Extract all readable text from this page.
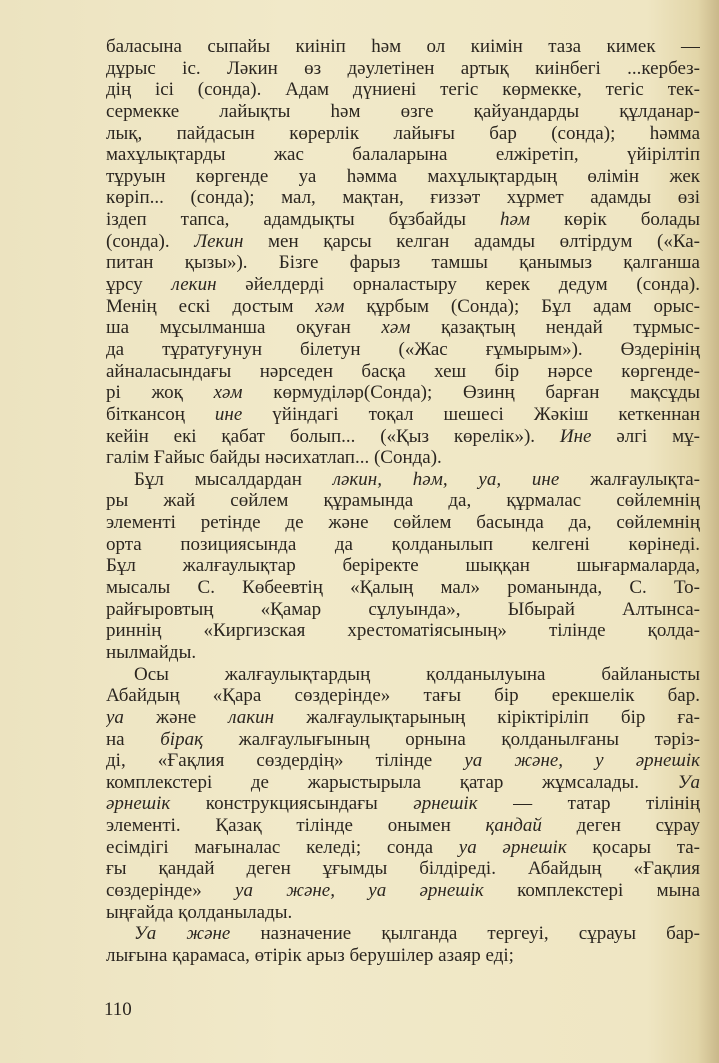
баласына сыпайы киініп һәм ол киімін таза кимек —
дұрыс іс. Ләкин өз дәулетінен артық киінбегі ...кербез-
дің ісі (сонда). Адам дүниені тегіс көрмекке, тегіс тек-
сермекке лайықты һәм өзге қайуандарды құлданар-
лық, пайдасын көрерлік лайығы бар (сонда); һәмма
махұлықтарды жас балаларына елжіретіп, үйірілтіп
тұруын көргенде уа һәмма махұлықтардың өлімін жек
көріп... (сонда); мал, мақтан, ғиззәт хұрмет адамды өзі
іздеп тапса, адамдықты бұзбайды һәм көрік болады
(сонда). Лекин мен қарсы келган адамды өлтірдум («Ка-
питан қызы»). Бізге фарыз тамшы қанымыз қалганша
ұрсу лекин әйелдерді орналастыру керек дедум (сонда).
Менің ескі достым хәм құрбым (Сонда); Бұл адам орыс-
ша мұсылманша оқуған хәм қазақтың нендай тұрмыс-
да тұратуғунун білетун («Жас ғұмырым»). Өздерінің
айналасындағы нәрседен басқа хеш бір нәрсе көргенде-
рі жоқ хәм көрмуділәр(Сонда); Өзинң барған мақсұды
біткансоң ине үйіндагі тоқал шешесі Жәкіш кеткеннан
кейін екі қабат болып... («Қыз көрелік»). Ине әлгі мұ-
галім Ғайыс байды нәсихатлап... (Сонда).
Бұл мысалдардан ләкин, һәм, уа, ине жалғаулықта-
ры жай сөйлем құрамында да, құрмалас сөйлемнің
элементі ретінде де және сөйлем басында да, сөйлемнің
орта позициясында да қолданылып келгені көрінеді.
Бұл жалғаулықтар беріректе шыққан шығармаларда,
мысалы С. Көбеевтің «Қалың мал» романында, С. То-
райғыровтың «Қамар сұлуында», Ыбырай Алтынса-
риннің «Киргизская хрестоматіясының» тілінде қолда-
нылмайды.
Осы жалғаулықтардың қолданылуына байланысты
Абайдың «Қара сөздерінде» тағы бір ерекшелік бар.
уа және лакин жалғаулықтарының кіріктіріліп бір ға-
на бірақ жалғаулығының орнына қолданылғаны тәріз-
ді, «Ғақлия сөздердің» тілінде уа және, у әрнешік
комплекстері де жарыстырыла қатар жұмсалады. Уа
әрнешік конструкциясындағы әрнешік — татар тілінің
элементі. Қазақ тілінде онымен қандай деген сұрау
есімдігі мағыналас келеді; сонда уа әрнешік қосары та-
ғы қандай деген ұғымды білдіреді. Абайдың «Ғақлия
сөздерінде» уа және, уа әрнешік комплекстері мына
ыңғайда қолданылады.
Уа және назначение қылганда тергеуі, сұрауы бар-
лығына қарамаса, өтірік арыз берушілер азаяр еді;
110
